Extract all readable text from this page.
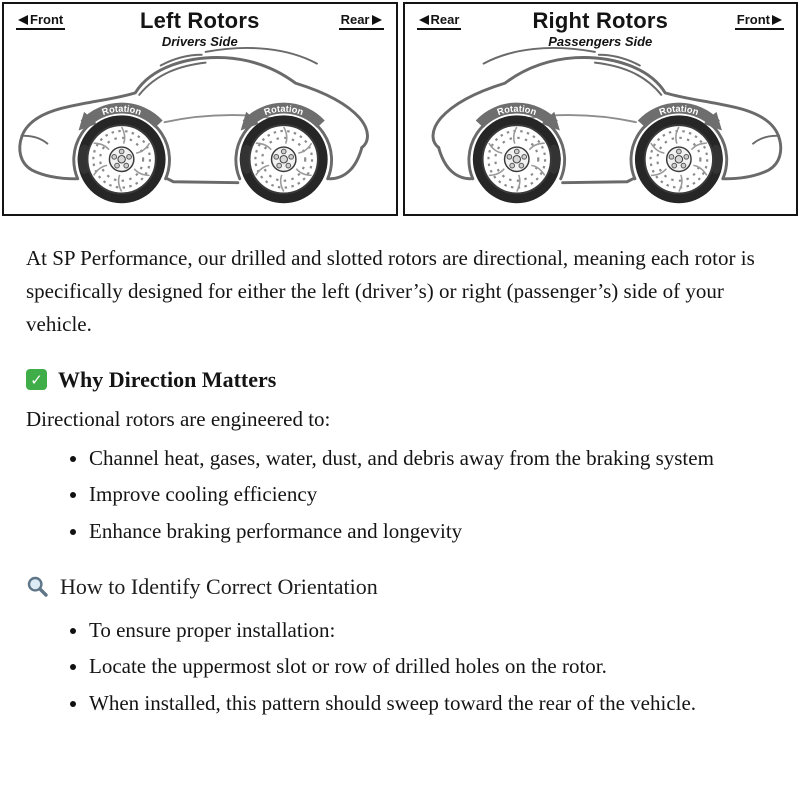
Front	Left Rotors
Drivers Side
Rear
Rotation	Rotation
Rear	Right Rotors
Passengers Side
Front
Rotation	Rotation

At SP Performance, our drilled and slotted rotors are directional, meaning each rotor is specifically designed for either the left (driver’s) or right (passenger’s) side of your vehicle.

✓ Why Direction Matters
Directional rotors are engineered to:
• Channel heat, gases, water, dust, and debris away from the braking system
• Improve cooling efficiency
• Enhance braking performance and longevity
How to Identify Correct Orientation
• To ensure proper installation:
• Locate the uppermost slot or row of drilled holes on the rotor.
• When installed, this pattern should sweep toward the rear of the vehicle.
